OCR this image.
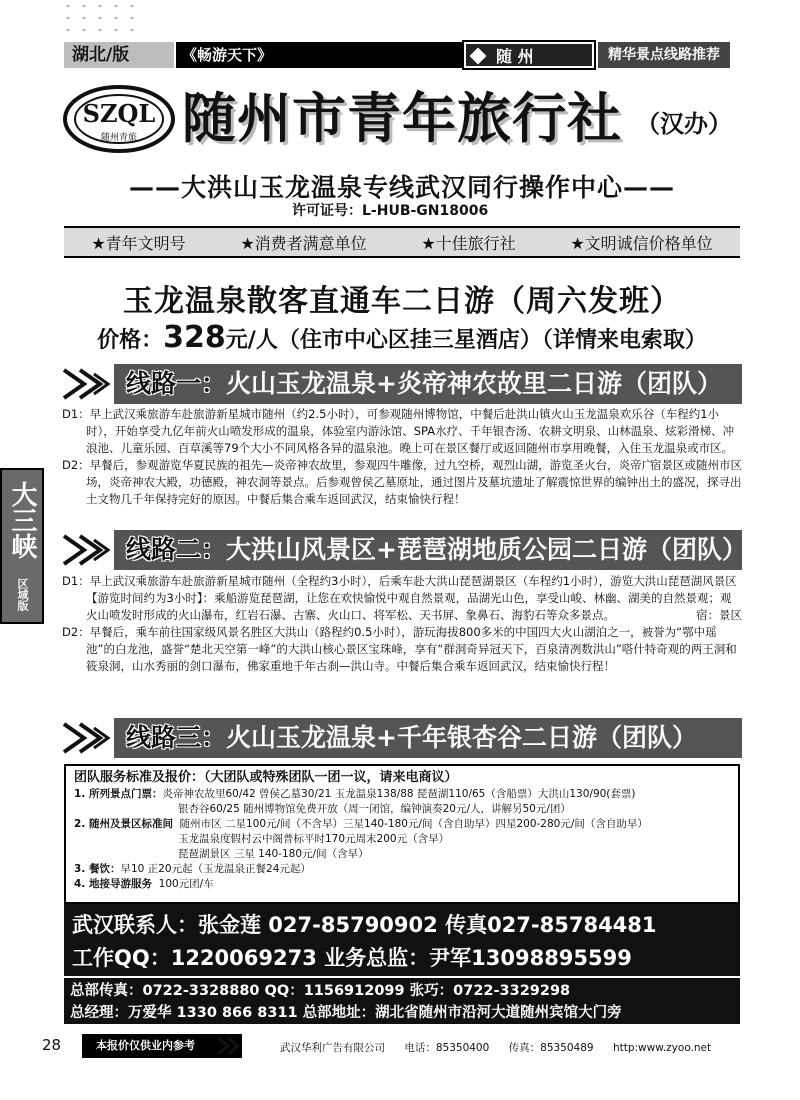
湖北/版	《畅游天下》	随 州	精华景点线路推荐
SZQL
随州青旅 随州市青年旅行社 （汉办）
——大洪山玉龙温泉专线武汉同行操作中心——
许可证号：L-HUB-GN18006
★青年文明号	★消费者满意单位	★十佳旅行社	★文明诚信价格单位
玉龙温泉散客直通车二日游（周六发班）
价格：328元/人（住市中心区挂三星酒店）（详情来电索取）
大三峡
区域版
线路一：火山玉龙温泉+炎帝神农故里二日游（团队）

D1：早上武汉乘旅游车赴旅游新星城市随州（约2.5小时），可参观随州博物馆，中餐后赴洪山镇火山玉龙温泉欢乐谷（车程约1小时），开始享受九亿年前火山喷发形成的温泉，体验室内游泳馆、SPA水疗、千年银杏汤、农耕文明泉、山林温泉、炫彩滑梯、冲浪池、儿童乐园、百草溪等79个大小不同风格各异的温泉池。晚上可在景区餐厅或返回随州市享用晚餐，入住玉龙温泉或市区。
宿景区或随州市区

D2：早餐后，参观游览华夏民族的祖先—炎帝神农故里，参观四牛雕像，过九空桥，观烈山湖，游览圣火台，炎帝广场，炎帝神农大殿，功德殿，神农洞等景点。后参观曾侯乙墓原址，通过图片及墓坑遗址了解震惊世界的编钟出土的盛况，探寻出土文物几千年保持完好的原因。中餐后集合乘车返回武汉，结束愉快行程！

线路二：大洪山风景区+琵琶湖地质公园二日游（团队）

D1：早上武汉乘旅游车赴旅游新星城市随州（全程约3小时），后乘车赴大洪山琵琶湖景区（车程约1小时），游览大洪山琵琶湖风景区【游览时间约为3小时】：乘船游览琵琶湖，让您在欢快愉悦中观自然景观，品湖光山色，享受山峻、林幽、湖美的自然景观；观火山喷发时形成的火山瀑布，红岩石瀑、古寨、火山口、将军松、天书屏、象鼻石、海豹石等众多景点。	宿：景区

D2：早餐后，乘车前往国家级风景名胜区大洪山（路程约0.5小时），游玩海拔800多米的中国四大火山湖泊之一，被誉为“鄂中瑶池”的白龙池，盛誉“楚北天空第一峰”的大洪山核心景区宝珠峰，享有“群洞奇异冠天下，百泉清冽数洪山”嗒什特奇观的两王洞和筱泉洞，山水秀丽的剑口瀑布，佛家重地千年古刹—洪山寺。中餐后集合乘车返回武汉，结束愉快行程！

线路三：火山玉龙温泉+千年银杏谷二日游（团队）
团队服务标准及报价：（大团队或特殊团队一团一议，请来电商议）
1. 所列景点门票：炎帝神农故里60/42 曾侯乙墓30/21 玉龙温泉138/88 琵琶湖110/65（含船票）大洪山130/90(套票)
银杏谷60/25 随州博物馆免费开放（周一闭馆，编钟演奏20元/人，讲解另50元/团）
2. 随州及景区标准间 随州市区 二星100元/间（不含早）三星140-180元/间（含自助早）四星200-280元/间（含自助早）
玉龙温泉度假村云中阁普标平时170元周末200元（含早）
琵琶湖景区 三星 140-180元/间（含早）
3. 餐饮：早10 正20元起（玉龙温泉正餐24元起）
4. 地接导游服务 100元团/车
武汉联系人：张金莲 027-85790902 传真027-85784481
工作QQ：1220069273 业务总监：尹军13098895599
总部传真：0722-3328880 QQ：1156912099 张巧：0722-3329298
总经理：万爱华 1330 866 8311 总部地址：湖北省随州市沿河大道随州宾馆大门旁
28	本报价仅供业内参考	武汉华利广告有限公司 电话：85350400 传真：85350489 http:www.zyoo.net
